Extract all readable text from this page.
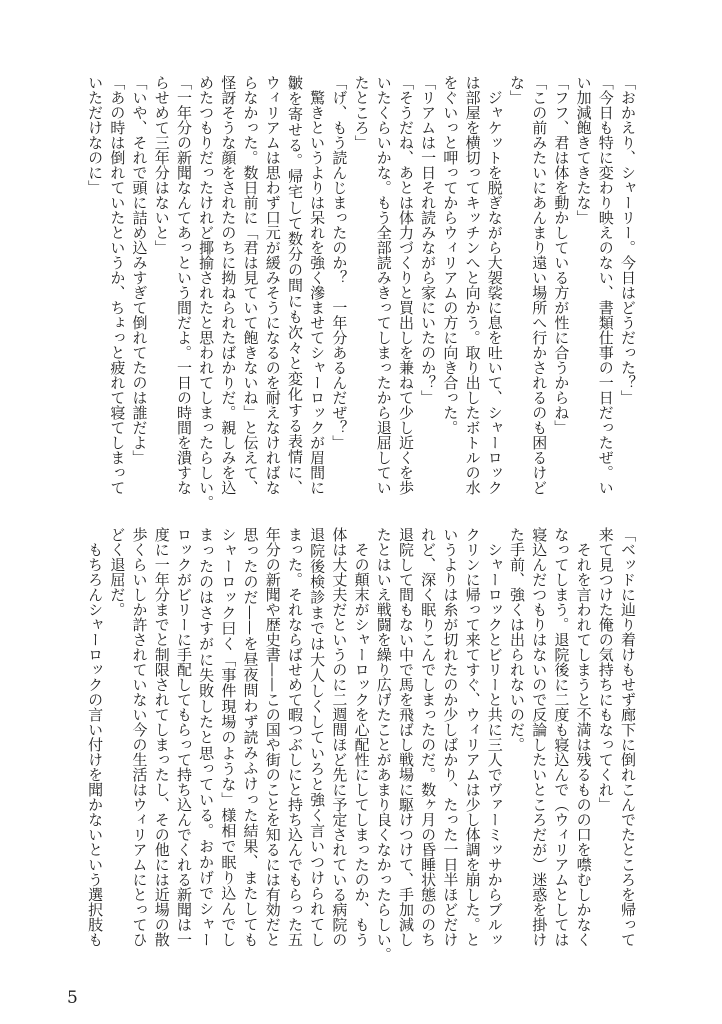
「おかえり、シャーリー。今日はどうだった？」
「今日も特に変わり映えのない、書類仕事の一日だったぜ。い
い加減飽きてきたな」
「フフ、君は体を動かしている方が性に合うからね」
「この前みたいにあんまり遠い場所へ行かされるのも困るけど
な」
　ジャケットを脱ぎながら大袈裟に息を吐いて、シャーロック
は部屋を横切ってキッチンへと向かう。取り出したボトルの水
をぐいっと呷ってからウィリアムの方に向き合った。
「リアムは一日それ読みながら家にいたのか？」
「そうだね、あとは体力づくりと買出しを兼ねて少し近くを歩
いたくらいかな。もう全部読みきってしまったから退屈してい
たところ」
「げ、もう読んじまったのか？　一年分あるんだぜ？」
　驚きというよりは呆れを強く滲ませてシャーロックが眉間に
皺を寄せる。帰宅して数分の間にも次々と変化する表情に、
ウィリアムは思わず口元が緩みそうになるのを耐えなければな
らなかった。数日前に「君は見ていて飽きないね」と伝えて、
怪訝そうな顔をされたのちに拗ねられたばかりだ。親しみを込
めたつもりだったけれど揶揄されたと思われてしまったらしい。
「一年分の新聞なんてあっという間だよ。一日の時間を潰すな
らせめて三年分はないと」
「いや、それで頭に詰め込みすぎて倒れてたのは誰だよ」
「あの時は倒れていたというか、ちょっと疲れて寝てしまって
いただけなのに」
「ベッドに辿り着けもせず廊下に倒れこんでたところを帰って
来て見つけた俺の気持ちにもなってくれ」
　それを言われてしまうと不満は残るものの口を噤むしかなく
なってしまう。退院後に二度も寝込んで（ウィリアムとしては
寝込んだつもりはないので反論したいところだが）迷惑を掛け
た手前、強くは出られないのだ。
　シャーロックとビリーと共に三人でヴァーミッサからブルッ
クリンに帰って来てすぐ、ウィリアムは少し体調を崩した。と
いうよりは糸が切れたのか少しばかり、たった一日半ほどだけ
れど、深く眠りこんでしまったのだ。数ヶ月の昏睡状態ののち
退院して間もない中で馬を飛ばし戦場に駆けつけて、手加減し
たとはいえ戦闘を繰り広げたことがあまり良くなかったらしい。
　その顛末がシャーロックを心配性にしてしまったのか、もう
体は大丈夫だというのに二週間ほど先に予定されている病院の
退院後検診までは大人しくしていろと強く言いつけられてし
まった。それならばせめて暇つぶしにと持ち込んでもらった五
年分の新聞や歴史書——この国や街のことを知るには有効だと
思ったのだ——を昼夜問わず読みふけった結果、またしても
シャーロック曰く「事件現場のような」様相で眠り込んでし
まったのはさすがに失敗したと思っている。おかげでシャー
ロックがビリーに手配してもらって持ち込んでくれる新聞は一
度に一年分までと制限されてしまったし、その他には近場の散
歩くらいしか許されていない今の生活はウィリアムにとってひ
どく退屈だ。
　もちろんシャーロックの言い付けを聞かないという選択肢も
5
